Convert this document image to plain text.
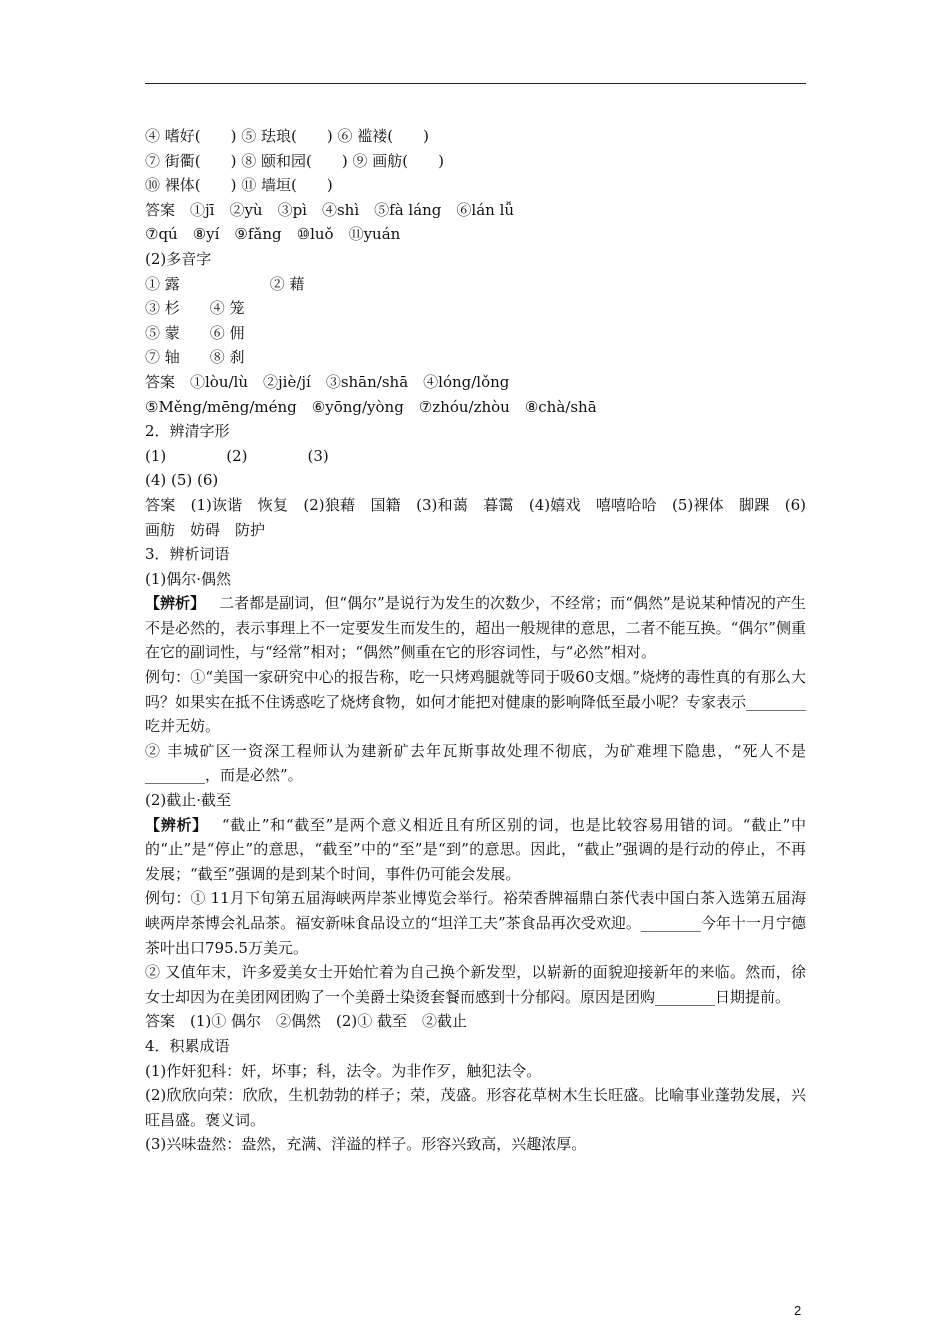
④ 嗜好(　　) ⑤ 珐琅(　　) ⑥ 褴褛(　　)
⑦ 街衢(　　) ⑧ 颐和园(　　) ⑨ 画舫(　　)
⑩ 裸体(　　) ⑪ 墙垣(　　)
答案　①jī　②yù　③pì　④shì　⑤fà láng　⑥lán lǚ
⑦qú　⑧yí　⑨fǎng　⑩luǒ　⑪yuán
(2)多音字
① 露　　　　　　② 藉
③ 杉　　④ 笼
⑤ 蒙　　⑥ 佣
⑦ 轴　　⑧ 刹
答案　①lòu/lù　②jiè/jí　③shān/shā　④lóng/lǒng
⑤Měng/mēng/méng　⑥yōng/yòng　⑦zhóu/zhòu　⑧chà/shā
2．辨清字形
(1)　　　　(2)　　　　(3)
(4) (5) (6)
答案　(1)诙谐　恢复　(2)狼藉　国籍　(3)和蔼　暮霭　(4)嬉戏　嘻嘻哈哈　(5)裸体　脚踝　(6)画舫　妨碍　防护
3．辨析词语
(1)偶尔·偶然
【辨析】 二者都是副词，但“偶尔”是说行为发生的次数少，不经常；而“偶然”是说某种情况的产生不是必然的，表示事理上不一定要发生而发生的，超出一般规律的意思，二者不能互换。“偶尔”侧重在它的副词性，与“经常”相对；“偶然”侧重在它的形容词性，与“必然”相对。
例句：①“美国一家研究中心的报告称，吃一只烤鸡腿就等同于吸60支烟。”烧烤的毒性真的有那么大吗？如果实在抵不住诱惑吃了烧烤食物，如何才能把对健康的影响降低至最小呢？专家表示________吃并无妨。
② 丰城矿区一资深工程师认为建新矿去年瓦斯事故处理不彻底，为矿难埋下隐患，“死人不是________，而是必然”。
(2)截止·截至
【辨析】 “截止”和“截至”是两个意义相近且有所区别的词，也是比较容易用错的词。“截止”中的“止”是“停止”的意思，“截至”中的“至”是“到”的意思。因此，“截止”强调的是行动的停止，不再发展；“截至”强调的是到某个时间，事件仍可能会发展。
例句：① 11月下旬第五届海峡两岸茶业博览会举行。裕荣香牌福鼎白茶代表中国白茶入选第五届海峡两岸茶博会礼品茶。福安新味食品设立的“坦洋工夫”茶食品再次受欢迎。________今年十一月宁德茶叶出口795.5万美元。
② 又值年末，许多爱美女士开始忙着为自己换个新发型，以崭新的面貌迎接新年的来临。然而，徐女士却因为在美团网团购了一个美爵士染烫套餐而感到十分郁闷。原因是团购________日期提前。
答案　(1)① 偶尔　②偶然　(2)① 截至　②截止
4．积累成语
(1)作奸犯科：奸，坏事；科，法令。为非作歹，触犯法令。
(2)欣欣向荣：欣欣，生机勃勃的样子；荣，茂盛。形容花草树木生长旺盛。比喻事业蓬勃发展，兴旺昌盛。褒义词。
(3)兴味盎然：盎然，充满、洋溢的样子。形容兴致高，兴趣浓厚。
2
